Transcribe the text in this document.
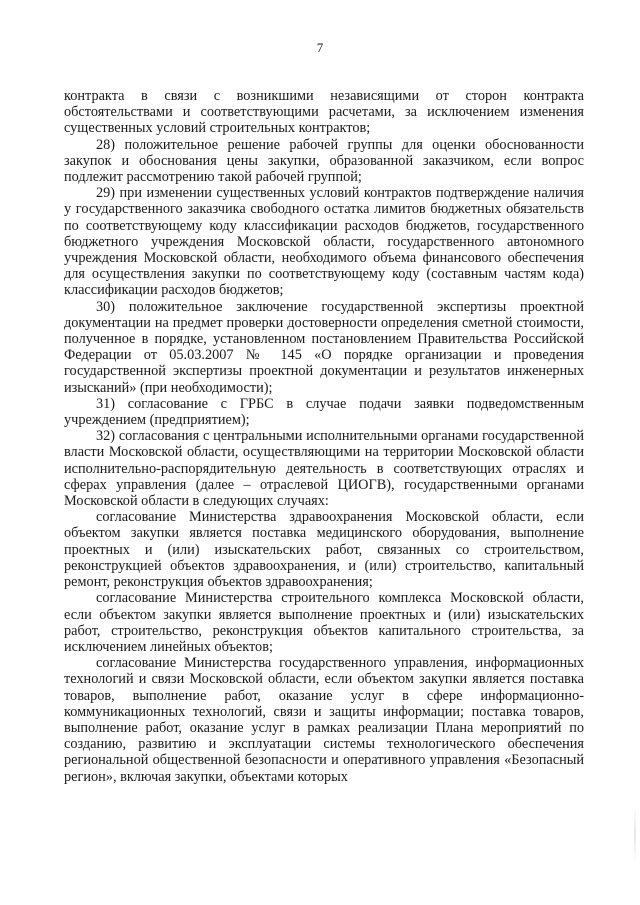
7

контракта в связи с возникшими независящими от сторон контракта обстоятельствами и соответствующими расчетами, за исключением изменения существенных условий строительных контрактов;

28) положительное решение рабочей группы для оценки обоснованности закупок и обоснования цены закупки, образованной заказчиком, если вопрос подлежит рассмотрению такой рабочей группой;

29) при изменении существенных условий контрактов подтверждение наличия у государственного заказчика свободного остатка лимитов бюджетных обязательств по соответствующему коду классификации расходов бюджетов, государственного бюджетного учреждения Московской области, государственного автономного учреждения Московской области, необходимого объема финансового обеспечения для осуществления закупки по соответствующему коду (составным частям кода) классификации расходов бюджетов;

30) положительное заключение государственной экспертизы проектной документации на предмет проверки достоверности определения сметной стоимости, полученное в порядке, установленном постановлением Правительства Российской Федерации от 05.03.2007 № 145 «О порядке организации и проведения государственной экспертизы проектной документации и результатов инженерных изысканий» (при необходимости);

31) согласование с ГРБС в случае подачи заявки подведомственным учреждением (предприятием);

32) согласования с центральными исполнительными органами государственной власти Московской области, осуществляющими на территории Московской области исполнительно-распорядительную деятельность в соответствующих отраслях и сферах управления (далее – отраслевой ЦИОГВ), государственными органами Московской области в следующих случаях:

согласование Министерства здравоохранения Московской области, если объектом закупки является поставка медицинского оборудования, выполнение проектных и (или) изыскательских работ, связанных со строительством, реконструкцией объектов здравоохранения, и (или) строительство, капитальный ремонт, реконструкция объектов здравоохранения;

согласование Министерства строительного комплекса Московской области, если объектом закупки является выполнение проектных и (или) изыскательских работ, строительство, реконструкция объектов капитального строительства, за исключением линейных объектов;

согласование Министерства государственного управления, информационных технологий и связи Московской области, если объектом закупки является поставка товаров, выполнение работ, оказание услуг в сфере информационно-коммуникационных технологий, связи и защиты информации; поставка товаров, выполнение работ, оказание услуг в рамках реализации Плана мероприятий по созданию, развитию и эксплуатации системы технологического обеспечения региональной общественной безопасности и оперативного управления «Безопасный регион», включая закупки, объектами которых
